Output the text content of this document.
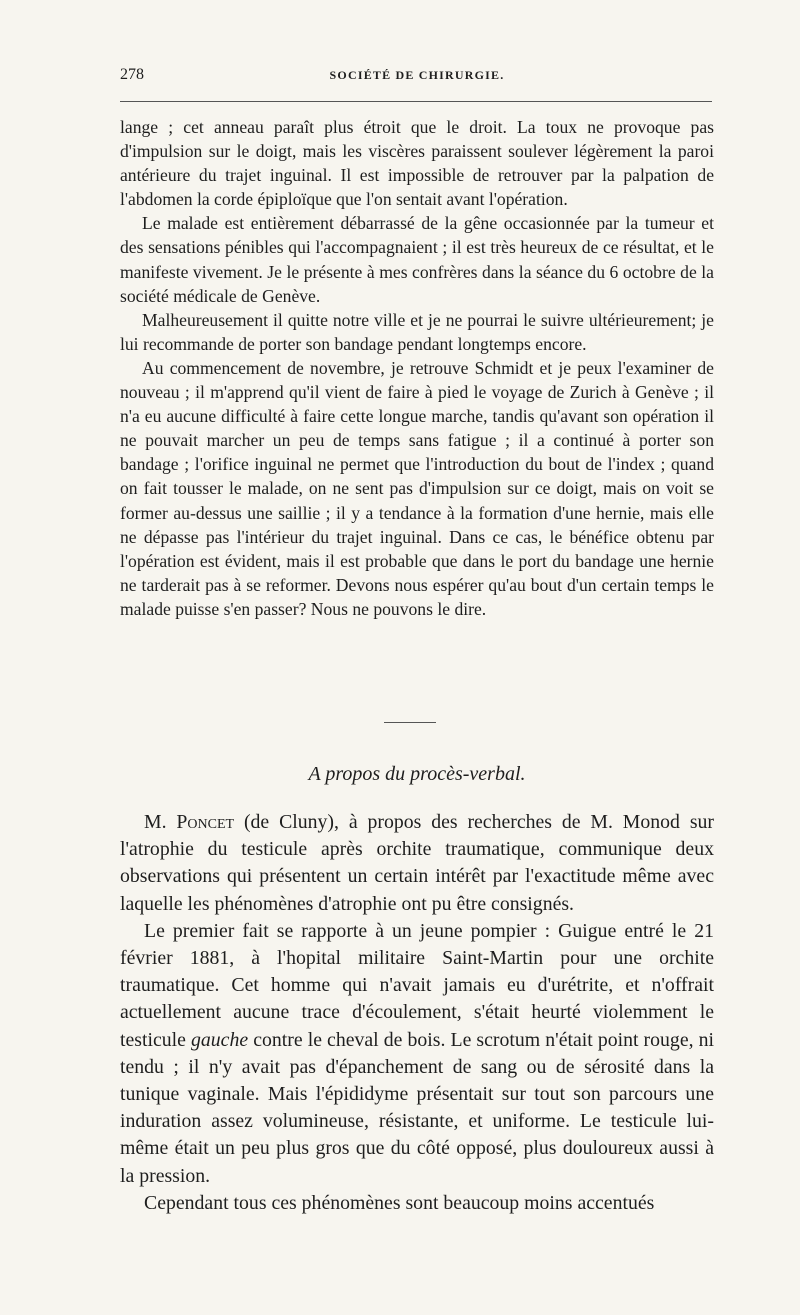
278	SOCIÉTÉ DE CHIRURGIE.

lange ; cet anneau paraît plus étroit que le droit. La toux ne provoque pas d'impulsion sur le doigt, mais les viscères paraissent soulever légèrement la paroi antérieure du trajet inguinal. Il est impossible de retrouver par la palpation de l'abdomen la corde épiploïque que l'on sentait avant l'opération.

Le malade est entièrement débarrassé de la gêne occasionnée par la tumeur et des sensations pénibles qui l'accompagnaient ; il est très heureux de ce résultat, et le manifeste vivement. Je le présente à mes confrères dans la séance du 6 octobre de la société médicale de Genève.

Malheureusement il quitte notre ville et je ne pourrai le suivre ultérieurement; je lui recommande de porter son bandage pendant longtemps encore.

Au commencement de novembre, je retrouve Schmidt et je peux l'examiner de nouveau ; il m'apprend qu'il vient de faire à pied le voyage de Zurich à Genève ; il n'a eu aucune difficulté à faire cette longue marche, tandis qu'avant son opération il ne pouvait marcher un peu de temps sans fatigue ; il a continué à porter son bandage ; l'orifice inguinal ne permet que l'introduction du bout de l'index ; quand on fait tousser le malade, on ne sent pas d'impulsion sur ce doigt, mais on voit se former au-dessus une saillie ; il y a tendance à la formation d'une hernie, mais elle ne dépasse pas l'intérieur du trajet inguinal. Dans ce cas, le bénéfice obtenu par l'opération est évident, mais il est probable que dans le port du bandage une hernie ne tarderait pas à se reformer. Devons nous espérer qu'au bout d'un certain temps le malade puisse s'en passer? Nous ne pouvons le dire.

A propos du procès-verbal.

M. Poncet (de Cluny), à propos des recherches de M. Monod sur l'atrophie du testicule après orchite traumatique, communique deux observations qui présentent un certain intérêt par l'exactitude même avec laquelle les phénomènes d'atrophie ont pu être consignés.

Le premier fait se rapporte à un jeune pompier : Guigue entré le 21 février 1881, à l'hopital militaire Saint-Martin pour une orchite traumatique. Cet homme qui n'avait jamais eu d'urétrite, et n'offrait actuellement aucune trace d'écoulement, s'était heurté violemment le testicule gauche contre le cheval de bois. Le scrotum n'était point rouge, ni tendu ; il n'y avait pas d'épanchement de sang ou de sérosité dans la tunique vaginale. Mais l'épididyme présentait sur tout son parcours une induration assez volumineuse, résistante, et uniforme. Le testicule lui-même était un peu plus gros que du côté opposé, plus douloureux aussi à la pression.

Cependant tous ces phénomènes sont beaucoup moins accentués
